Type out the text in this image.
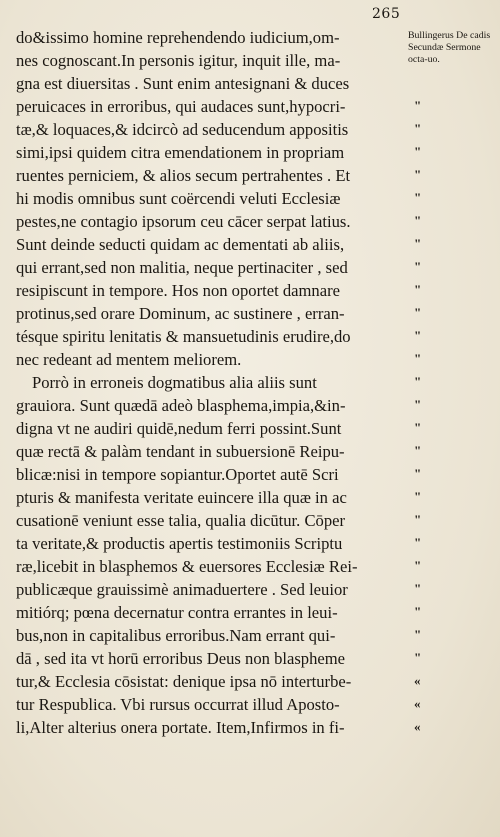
265
do&issimo homine reprehendendo iudicium,om-
nes cognoscant.In personis igitur, inquit ille, ma-
gna est diuersitas . Sunt enim antesignani & duces
peruicaces in erroribus, qui audaces sunt,hypocri-
tæ,& loquaces,& idcircò ad seducendum appositis
simi,ipsi quidem citra emendationem in propriam
ruentes perniciem, & alios secum pertrahentes . Et
hi modis omnibus sunt coërcendi veluti Ecclesiæ
pestes,ne contagio ipsorum ceu cācer serpat latius.
Sunt deinde seducti quidam ac dementati ab aliis,
qui errant,sed non malitia, neque pertinaciter , sed
resipiscunt in tempore. Hos non oportet damnare
protinus,sed orare Dominum, ac sustinere , erran-
tésque spiritu lenitatis & mansuetudinis erudire,do
nec redeant ad mentem meliorem.
Porrò in erroneis dogmatibus alia aliis sunt
grauiora. Sunt quædā adeò blasphema,impia,&in-
digna vt ne audiri quidē,nedum ferri possint.Sunt
quæ rectā & palàm tendant in subuersionē Reipu-
blicæ:nisi in tempore sopiantur.Oportet autē Scri
pturis & manifesta veritate euincere illa quæ in ac
cusationē veniunt esse talia, qualia dicūtur. Cōper
ta veritate,& productis apertis testimoniis Scriptu
ræ,licebit in blasphemos & euersores Ecclesiæ Rei-
publicæque grauissimè animaduertere . Sed leuior
mitiórq; pœna decernatur contra errantes in leui-
bus,non in capitalibus erroribus.Nam errant qui-
dā , sed ita vt horū erroribus Deus non blaspheme
tur,& Ecclesia cōsistat: denique ipsa nō interturbe-
tur Respublica. Vbi rursus occurrat illud Aposto-
li,Alter alterius onera portate. Item,Infirmos in fi-
Bullingerus De cadis Secundæ Sermone octa-uo.
"
"
"
"
"
"
"
"
"
"
"
"
"
"
"
"
"
"
"
"
"
"
"
"
"
«
«
«
